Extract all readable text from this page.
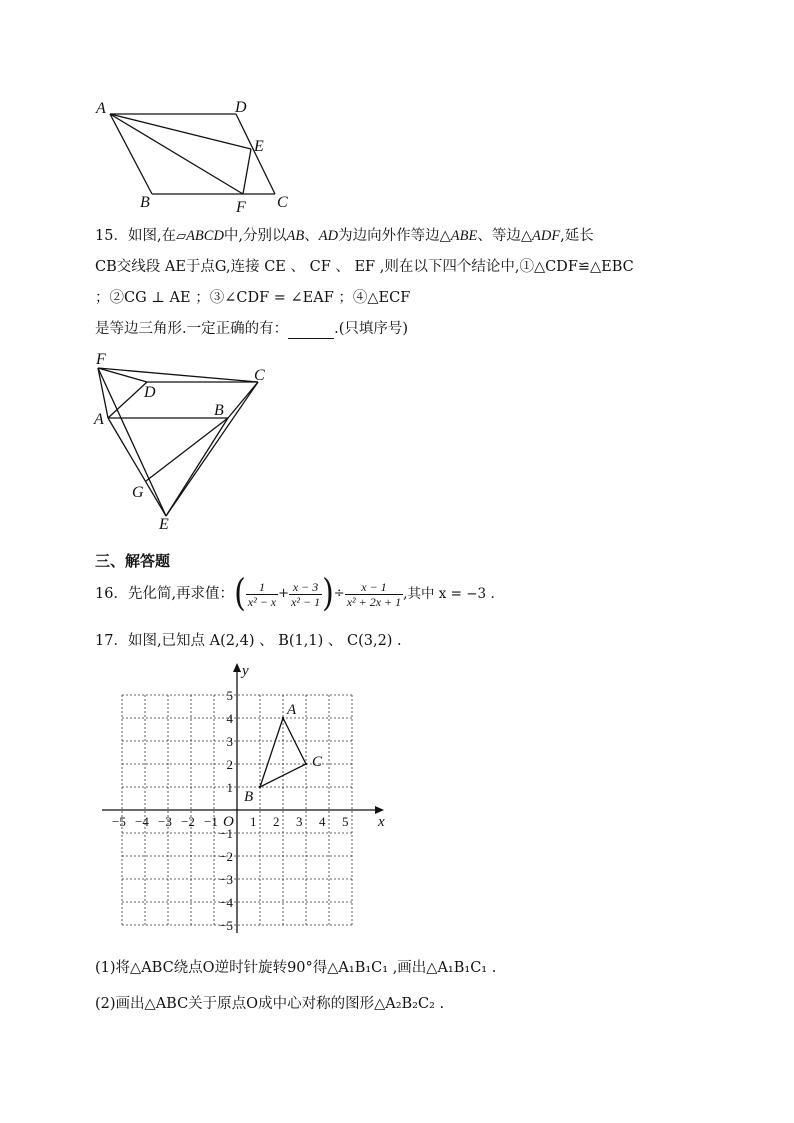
A	D
E
B	F C
15．如图,在▱ABCD中,分别以AB、AD为边向外作等边△ABE、等边△ADF,延长
CB交线段 AE于点G,连接 CE 、 CF 、 EF ,则在以下四个结论中,①△CDF≌△EBC
；②CG ⊥ AE ；③∠CDF = ∠EAF ；④△ECF
是等边三角形.一定正确的有：	.(只填序号)
F
C
D
A
B
G
E
三、解答题
16．先化简,再求值：( $\frac{1}{\text{x² − x}} + \frac{x - 3}{\text{x² − 1}}$ )÷ $\frac{x - 1}{\text{x² + 2x + 1}}$ ,其中 x = −3 .
17．如图,已知点 A(2,4) 、 B(1,1) 、 C(3,2) .
x
y
O
−5 −4 −3 −2 −1 1 2 3 4 5
5
4
3
2
1
−1
−2
−3
−4
−5
A
B
C
(1)将△ABC绕点O逆时针旋转90°得△A₁B₁C₁ ,画出△A₁B₁C₁ .
(2)画出△ABC关于原点O成中心对称的图形△A₂B₂C₂ .
